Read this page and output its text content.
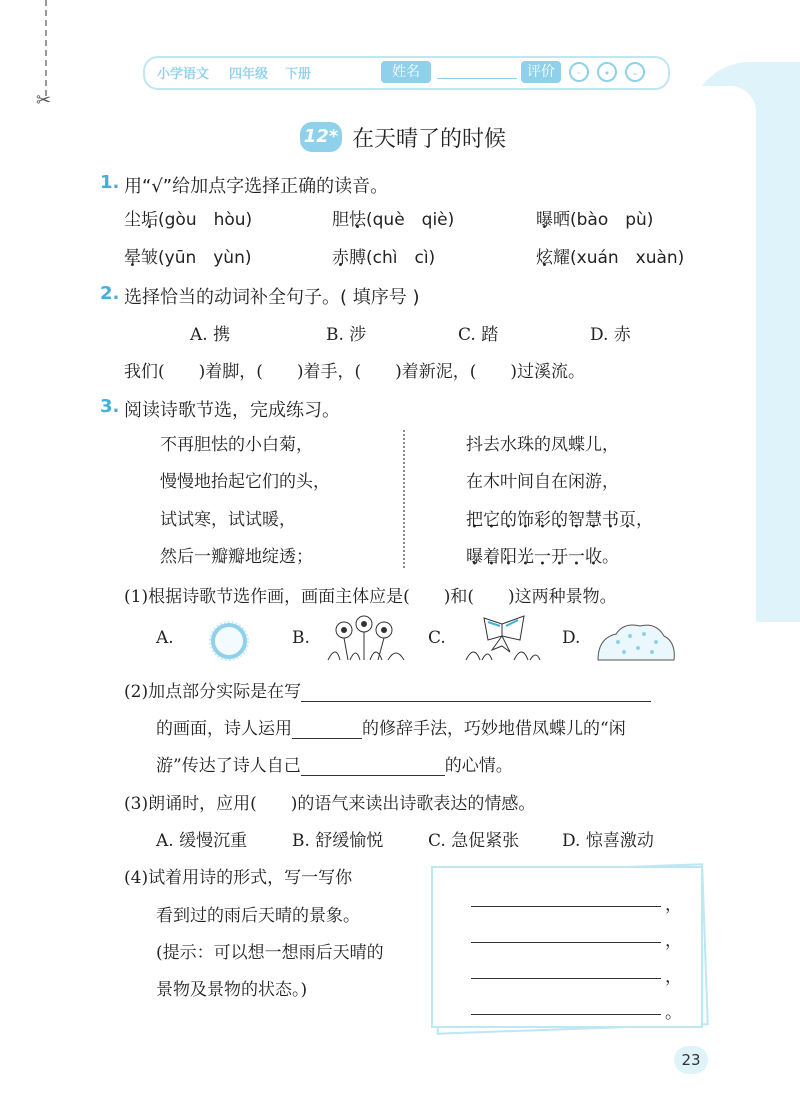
✂
小学语文 四年级 下册	姓名	评价	ᵕ	•	–
12* 在天晴了的时候
1. 用“√”给加点字选择正确的读音。
尘垢(gòu　hòu)	胆怯(què　qiè)	曝晒(bào　pù)
晕皱(yūn　yùn)	赤膊(chì　cì)	炫耀(xuán　xuàn)
2. 选择恰当的动词补全句子。( 填序号 )
A. 携	B. 涉	C. 踏	D. 赤
我们(　　)着脚，(　　)着手，(　　)着新泥，(　　)过溪流。
3. 阅读诗歌节选，完成练习。
不再胆怯的小白菊，
慢慢地抬起它们的头，
试试寒，试试暖，
然后一瓣瓣地绽透；
抖去水珠的凤蝶儿，
在木叶间自在闲游，
把它的饰彩的智慧书页，
曝着阳光一开一收。
(1)根据诗歌节选作画，画面主体应是(　　)和(　　)这两种景物。
A.	B.	C.	D.
(2)加点部分实际是在写
的画面，诗人运用	的修辞手法，巧妙地借凤蝶儿的“闲
游”传达了诗人自己	的心情。
(3)朗诵时，应用(　　)的语气来读出诗歌表达的情感。
A. 缓慢沉重	B. 舒缓愉悦	C. 急促紧张	D. 惊喜激动
(4)试着用诗的形式，写一写你
看到过的雨后天晴的景象。
(提示：可以想一想雨后天晴的
景物及景物的状态。)
，
，
，
。
23
